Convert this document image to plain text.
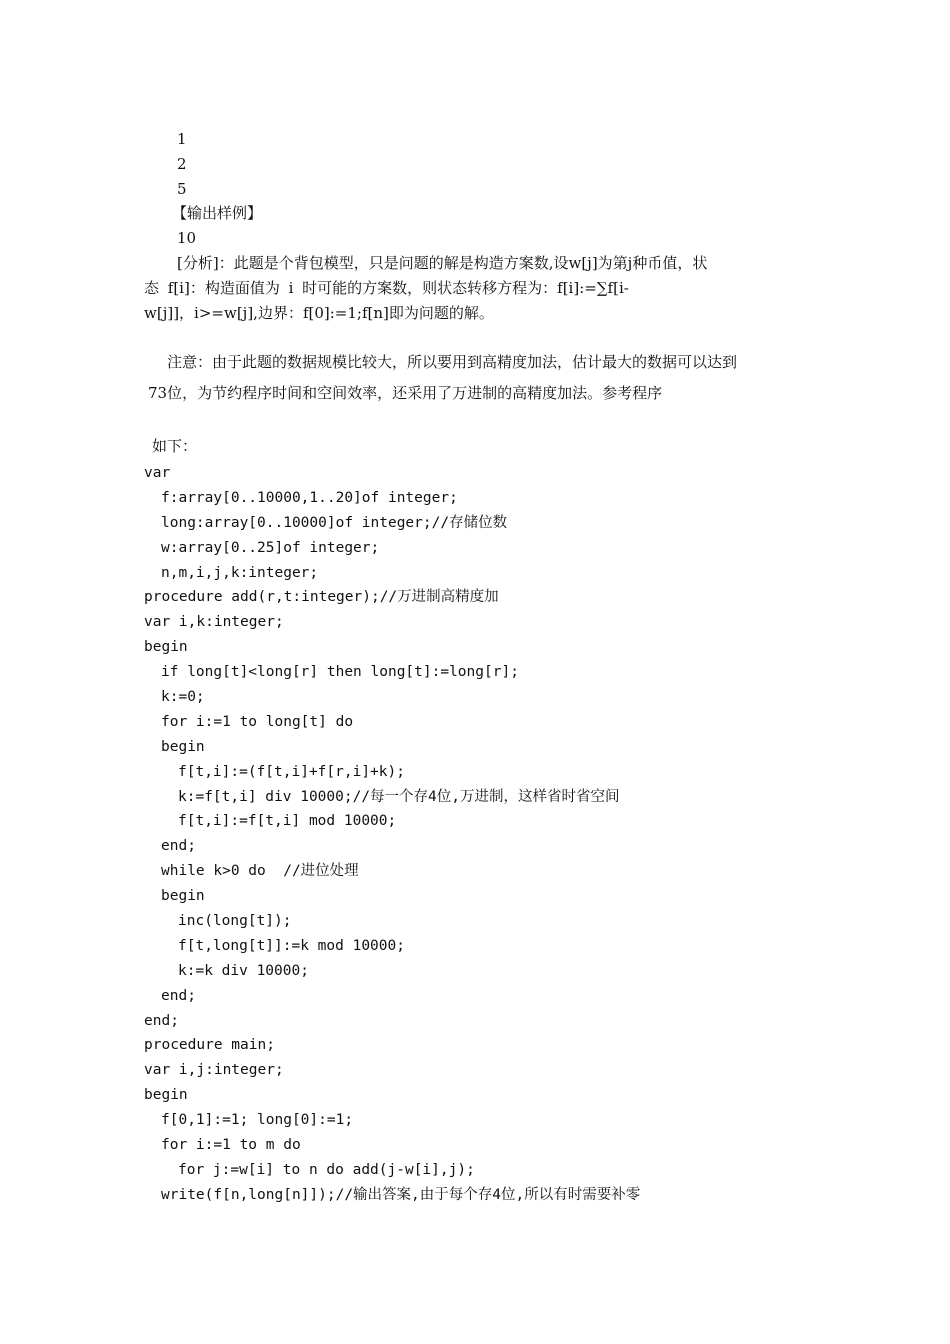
1
2
5
【输出样例】
10
[分析]：此题是个背包模型，只是问题的解是构造方案数,设w[j]为第j种币值，状
态 f[i]：构造面值为 i 时可能的方案数，则状态转移方程为：f[i]:=∑f[i-
w[j]]，i>=w[j],边界：f[0]:=1;f[n]即为问题的解。
注意：由于此题的数据规模比较大，所以要用到高精度加法，估计最大的数据可以达到
73位，为节约程序时间和空间效率，还采用了万进制的高精度加法。参考程序
如下：
var
f:array[0..10000,1..20]of integer;
long:array[0..10000]of integer;//存储位数
w:array[0..25]of integer;
n,m,i,j,k:integer;
procedure add(r,t:integer);//万进制高精度加
var i,k:integer;
begin
if long[t]<long[r] then long[t]:=long[r];
k:=0;
for i:=1 to long[t] do
begin
f[t,i]:=(f[t,i]+f[r,i]+k);
k:=f[t,i] div 10000;//每一个存4位,万进制，这样省时省空间
f[t,i]:=f[t,i] mod 10000;
end;
while k>0 do  //进位处理
begin
inc(long[t]);
f[t,long[t]]:=k mod 10000;
k:=k div 10000;
end;
end;
procedure main;
var i,j:integer;
begin
f[0,1]:=1; long[0]:=1;
for i:=1 to m do
for j:=w[i] to n do add(j-w[i],j);
write(f[n,long[n]]);//输出答案,由于每个存4位,所以有时需要补零
